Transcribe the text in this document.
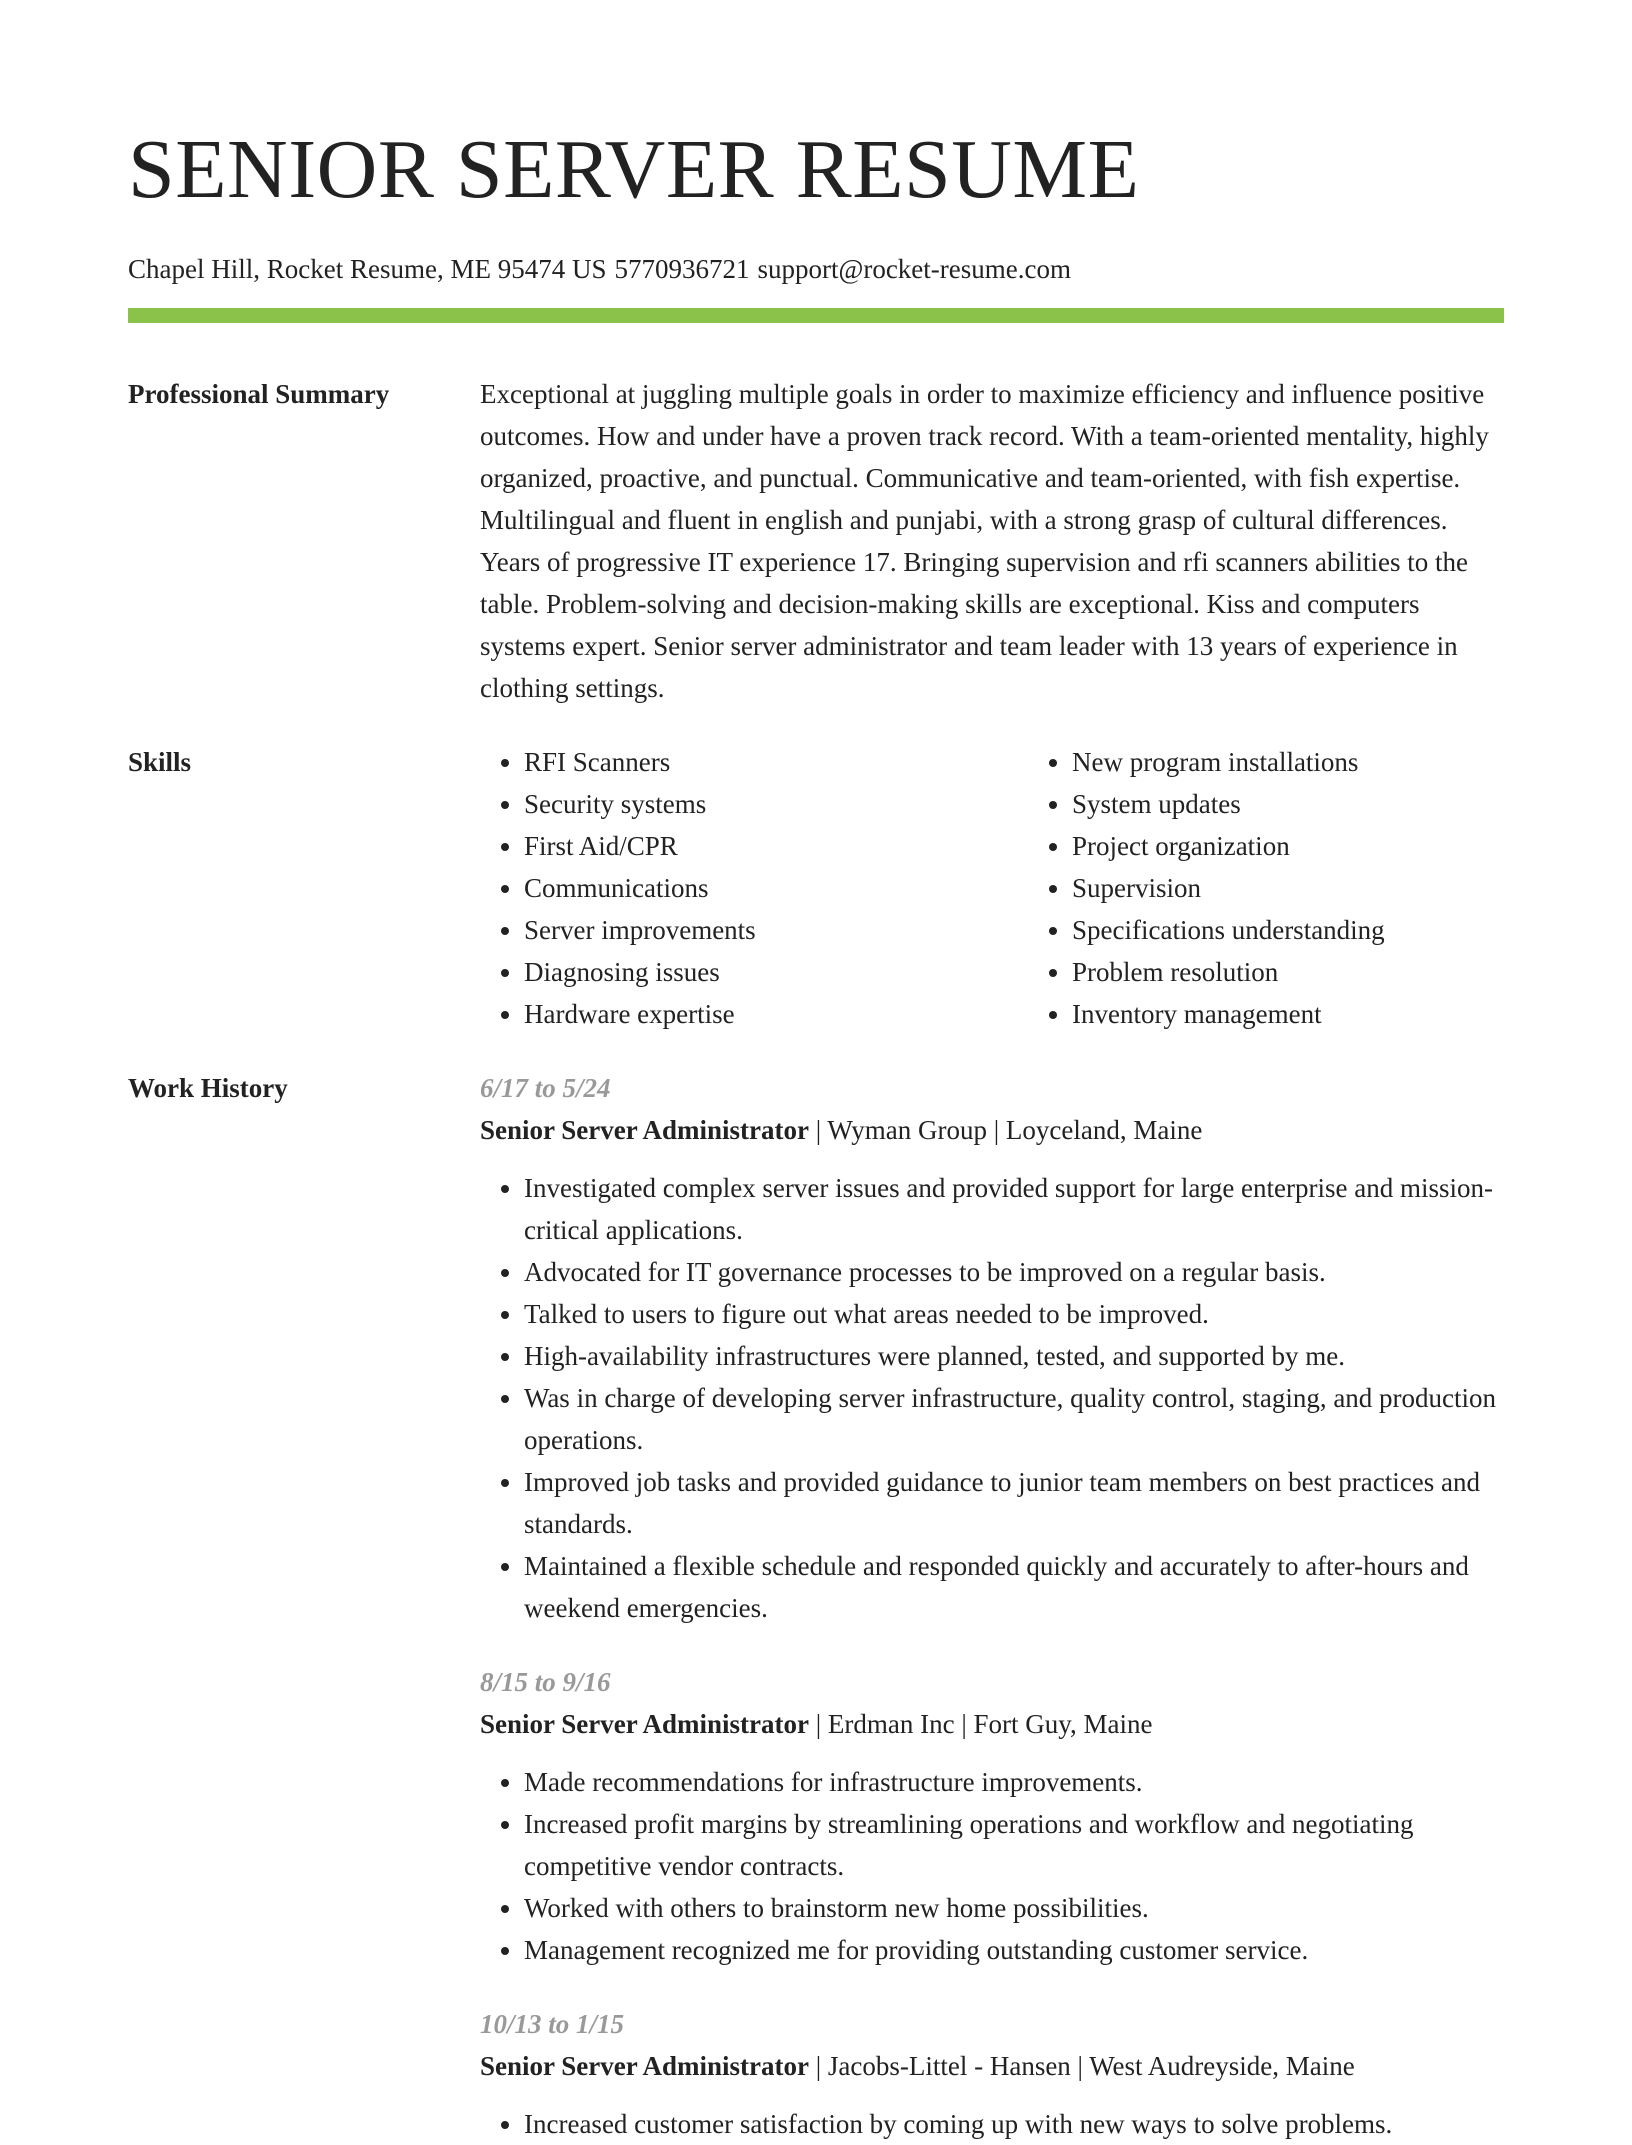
SENIOR SERVER RESUME
Chapel Hill, Rocket Resume, ME 95474 US 5770936721 support@rocket-resume.com
Professional Summary	Exceptional at juggling multiple goals in order to maximize efficiency and influence positive outcomes. How and under have a proven track record. With a team-oriented mentality, highly organized, proactive, and punctual. Communicative and team-oriented, with fish expertise. Multilingual and fluent in english and punjabi, with a strong grasp of cultural differences. Years of progressive IT experience 17. Bringing supervision and rfi scanners abilities to the table. Problem-solving and decision-making skills are exceptional. Kiss and computers systems expert. Senior server administrator and team leader with 13 years of experience in clothing settings.

Skills
•	RFI Scanners
• Security systems
• First Aid/CPR
• Communications
• Server improvements
• Diagnosing issues
• Hardware expertise
• New program installations
• System updates
• Project organization
• Supervision
• Specifications understanding
• Problem resolution
• Inventory management
Work History	6/17 to 5/24
Senior Server Administrator | Wyman Group | Loyceland, Maine
• Investigated complex server issues and provided support for large enterprise and mission-critical applications.
• Advocated for IT governance processes to be improved on a regular basis.
• Talked to users to figure out what areas needed to be improved.
• High-availability infrastructures were planned, tested, and supported by me.
• Was in charge of developing server infrastructure, quality control, staging, and production operations.
• Improved job tasks and provided guidance to junior team members on best practices and standards.
• Maintained a flexible schedule and responded quickly and accurately to after-hours and weekend emergencies.
8/15 to 9/16
Senior Server Administrator | Erdman Inc | Fort Guy, Maine
• Made recommendations for infrastructure improvements.
• Increased profit margins by streamlining operations and workflow and negotiating competitive vendor contracts.
• Worked with others to brainstorm new home possibilities.
• Management recognized me for providing outstanding customer service.
10/13 to 1/15
Senior Server Administrator | Jacobs-Littel - Hansen | West Audreyside, Maine
• Increased customer satisfaction by coming up with new ways to solve problems.
